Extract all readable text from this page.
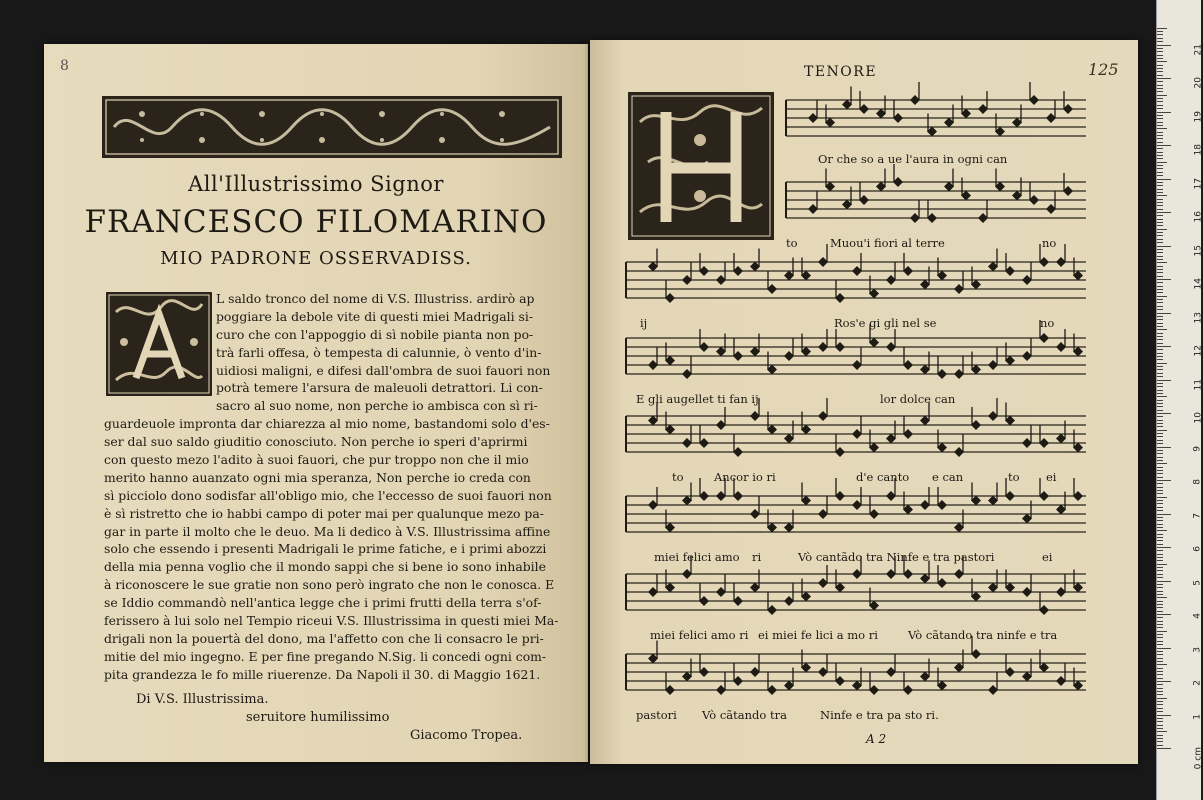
8
All'Illustrissimo Signor
FRANCESCO FILOMARINO
MIO PADRONE OSSERVADISS.
L saldo tronco del nome di V.S. Illustriss. ardirò ap
poggiare la debole vite di questi miei Madrigali si-
curo che con l'appoggio di sì nobile pianta non po-
trà farli offesa, ò tempesta di calunnie, ò vento d'in-
uidiosi maligni, e difesi dall'ombra de suoi fauori non
potrà temere l'arsura de maleuoli detrattori. Li con-
sacro al suo nome, non perche io ambisca con sì ri-
guardeuole impronta dar chiarezza al mio nome, bastandomi solo d'es-
ser dal suo saldo giuditio conosciuto. Non perche io speri d'aprirmi
con questo mezo l'adito à suoi fauori, che pur troppo non che il mio
merito hanno auanzato ogni mia speranza, Non perche io creda con
sì picciolo dono sodisfar all'obligo mio, che l'eccesso de suoi fauori non
è sì ristretto che io habbi campo di poter mai per qualunque mezo pa-
gar in parte il molto che le deuo. Ma li dedico à V.S. Illustrissima affine
solo che essendo i presenti Madrigali le prime fatiche, e i primi abozzi
della mia penna voglio che il mondo sappi che si bene io sono inhabile
à riconoscere le sue gratie non sono però ingrato che non le conosca. E
se Iddio commandò nell'antica legge che i primi frutti della terra s'of-
ferissero à lui solo nel Tempio riceui V.S. Illustrissima in questi miei Ma-
drigali non la pouertà del dono, ma l'affetto con che li consacro le pri-
mitie del mio ingegno. E per fine pregando N.Sig. li concedi ogni com-
pita grandezza le fo mille riuerenze. Da Napoli il 30. di Maggio 1621.
Di V.S. Illustrissima.
seruitore humilissimo
Giacomo Tropea.
TENORE	125
Or che so a ue l'aura in ogni can
to	Muou'i fiori al terre	no
ij	Ros'e gi gli nel se	no
E gli augellet ti fan ij	lor dolce can
to	Ancor io ri	d'e canto e can	to ei
miei felici amo ri	Vò cantãdo tra Ninfe e tra pastori	ei
miei felici amo ri ei miei fe lici a mo ri	Vò cãtando tra ninfe e tra
pastori Vò cãtando tra	Ninfe e tra pa sto ri.
A 2
0 cm
1
2
3
4
5
6
7
8
9
10
11
12
13
14
15
16
17
18
19
20
21
